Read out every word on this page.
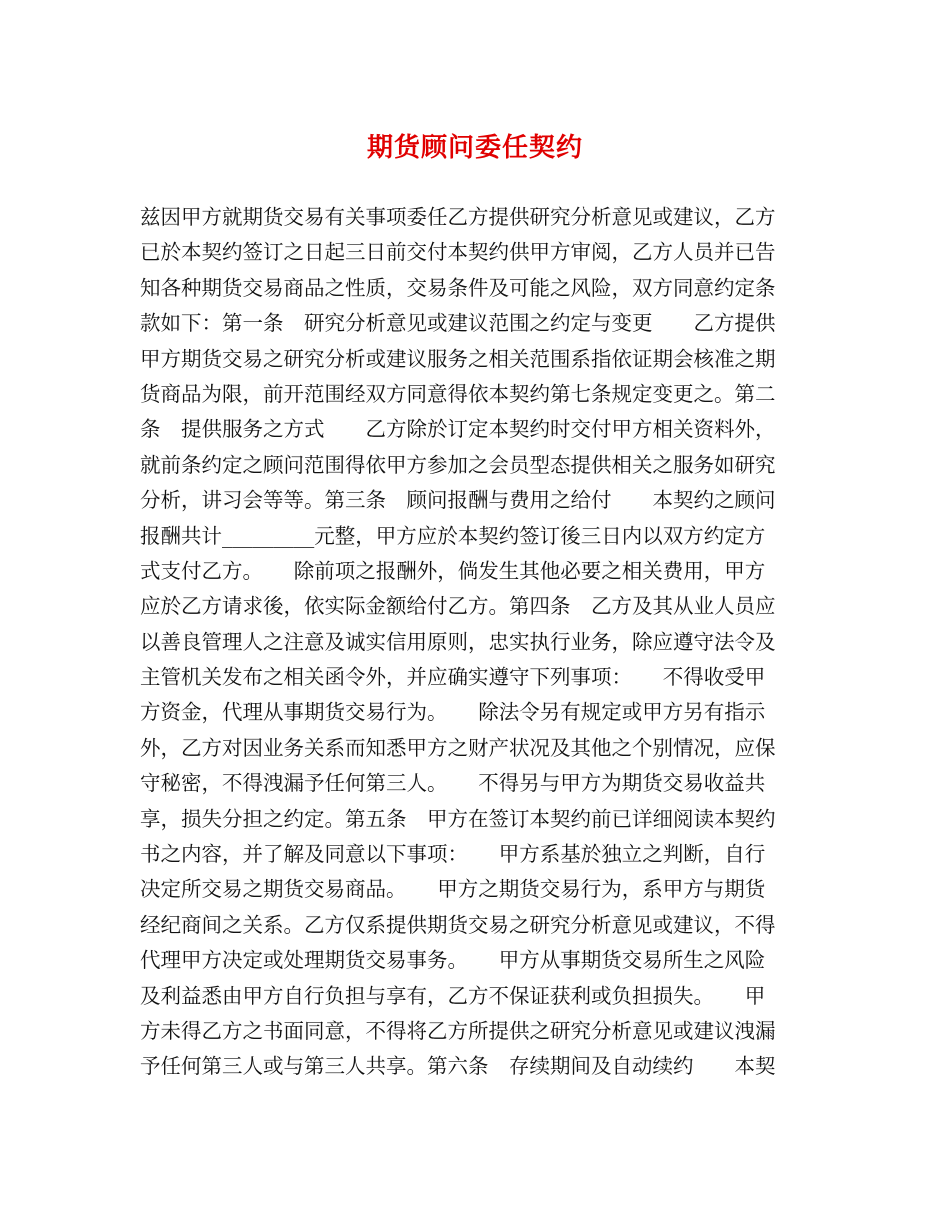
期货顾问委任契约
兹因甲方就期货交易有关事项委任乙方提供研究分析意见或建议，乙方
已於本契约签订之日起三日前交付本契约供甲方审阅，乙方人员并已告
知各种期货交易商品之性质，交易条件及可能之风险，双方同意约定条
款如下：第一条　研究分析意见或建议范围之约定与变更　　乙方提供
甲方期货交易之研究分析或建议服务之相关范围系指依证期会核准之期
货商品为限，前开范围经双方同意得依本契约第七条规定变更之。第二
条　提供服务之方式　　乙方除於订定本契约时交付甲方相关资料外，
就前条约定之顾问范围得依甲方参加之会员型态提供相关之服务如研究
分析，讲习会等等。第三条　顾问报酬与费用之给付　　本契约之顾问
报酬共计_________元整，甲方应於本契约签订後三日内以双方约定方
式支付乙方。　　除前项之报酬外，倘发生其他必要之相关费用，甲方
应於乙方请求後，依实际金额给付乙方。第四条　乙方及其从业人员应
以善良管理人之注意及诚实信用原则，忠实执行业务，除应遵守法令及
主管机关发布之相关函令外，并应确实遵守下列事项：　　不得收受甲
方资金，代理从事期货交易行为。　　除法令另有规定或甲方另有指示
外，乙方对因业务关系而知悉甲方之财产状况及其他之个别情况，应保
守秘密，不得洩漏予任何第三人。　　不得另与甲方为期货交易收益共
享，损失分担之约定。第五条　甲方在签订本契约前已详细阅读本契约
书之内容，并了解及同意以下事项：　　甲方系基於独立之判断，自行
决定所交易之期货交易商品。　　甲方之期货交易行为，系甲方与期货
经纪商间之关系。乙方仅系提供期货交易之研究分析意见或建议，不得
代理甲方决定或处理期货交易事务。　　甲方从事期货交易所生之风险
及利益悉由甲方自行负担与享有，乙方不保证获利或负担损失。　　甲
方未得乙方之书面同意，不得将乙方所提供之研究分析意见或建议洩漏
予任何第三人或与第三人共享。第六条　存续期间及自动续约　　本契
